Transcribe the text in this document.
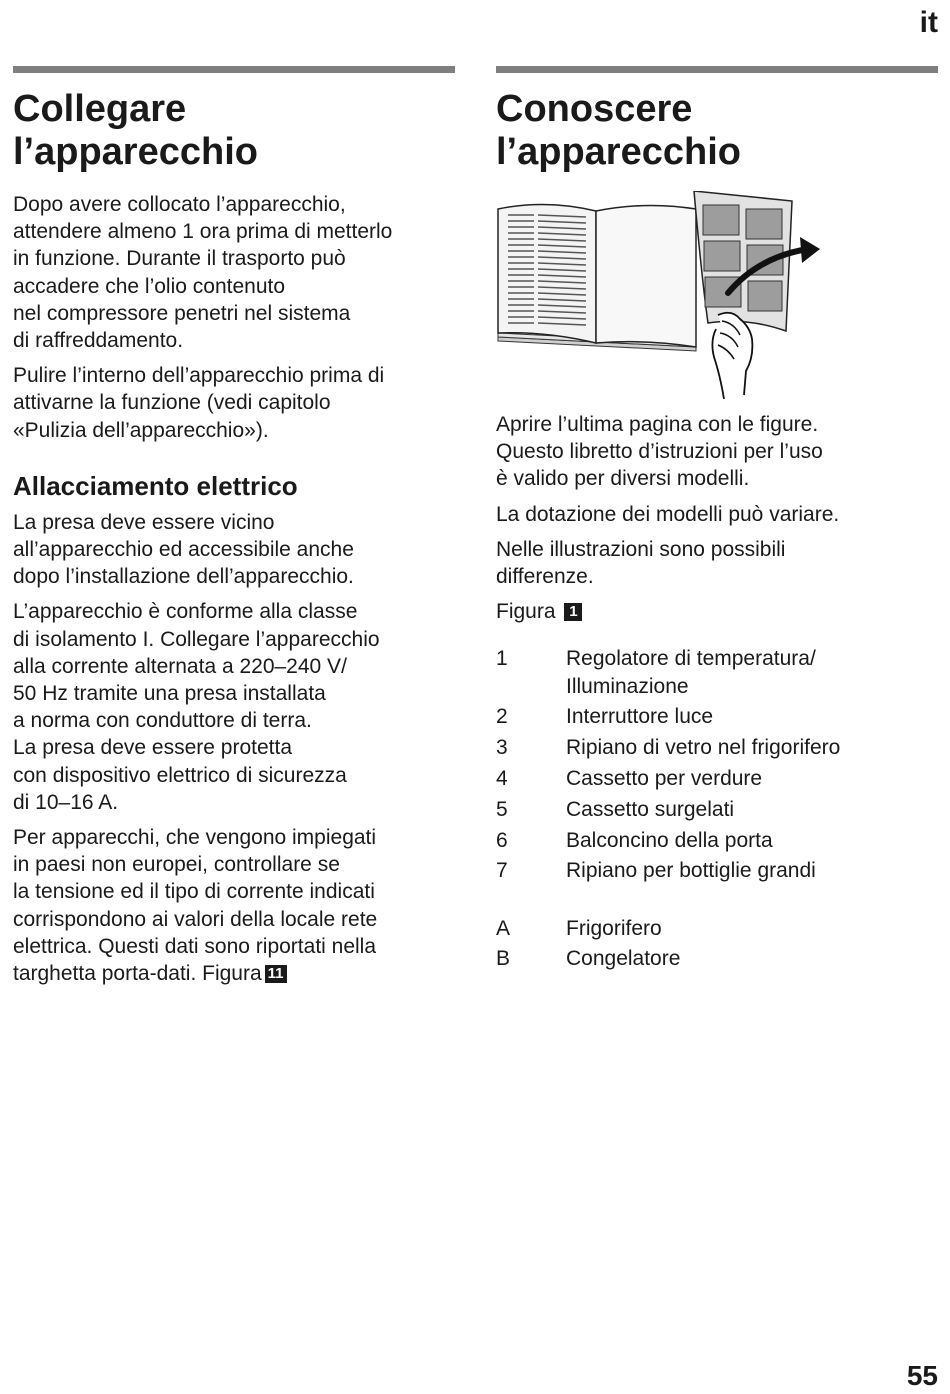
it
Collegare
l’apparecchio

Dopo avere collocato l’apparecchio,
attendere almeno 1 ora prima di metterlo
in funzione. Durante il trasporto può
accadere che l’olio contenuto
nel compressore penetri nel sistema
di raffreddamento.

Pulire l’interno dell’apparecchio prima di
attivarne la funzione (vedi capitolo
«Pulizia dell’apparecchio»).

Allacciamento elettrico

La presa deve essere vicino
all’apparecchio ed accessibile anche
dopo l’installazione dell’apparecchio.

L’apparecchio è conforme alla classe
di isolamento I. Collegare l’apparecchio
alla corrente alternata a 220–240 V/
50 Hz tramite una presa installata
a norma con conduttore di terra.
La presa deve essere protetta
con dispositivo elettrico di sicurezza
di 10–16 A.

Per apparecchi, che vengono impiegati
in paesi non europei, controllare se
la tensione ed il tipo di corrente indicati
corrispondono ai valori della locale rete
elettrica. Questi dati sono riportati nella
targhetta porta-dati. Figura 11

Conoscere
l’apparecchio

Aprire l’ultima pagina con le figure.
Questo libretto d’istruzioni per l’uso
è valido per diversi modelli.

La dotazione dei modelli può variare.

Nelle illustrazioni sono possibili
differenze.

Figura 1

1	Regolatore di temperatura/
Illuminazione
2	Interruttore luce
3	Ripiano di vetro nel frigorifero
4	Cassetto per verdure
5	Cassetto surgelati
6	Balconcino della porta
7	Ripiano per bottiglie grandi
A	Frigorifero
B	Congelatore
55
